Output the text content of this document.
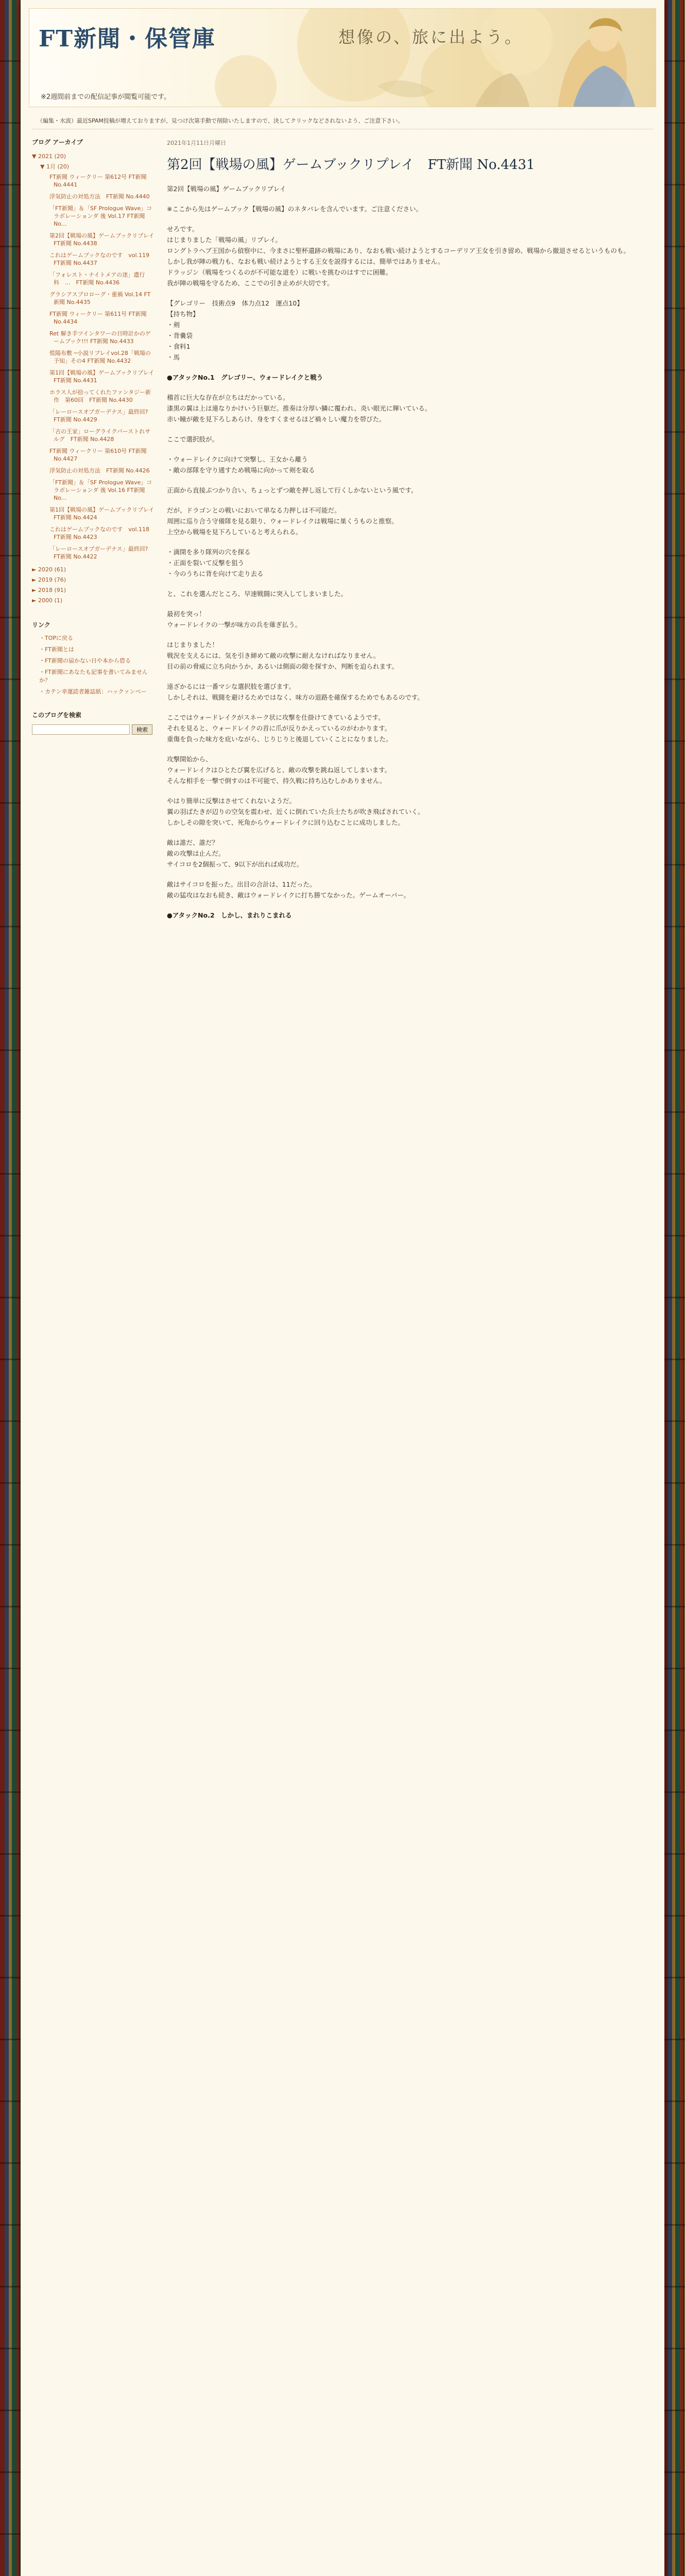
FT新聞・保管庫	想像の、旅に出よう。
※2週間前までの配信記事が閲覧可能です。
（編集・水波）最近SPAM投稿が増えておりますが、見つけ次第手動で削除いたしますので、決してクリックなどされないよう、ご注意下さい。
ブログ アーカイブ
▼ 2021 (20)
▼ 1月 (20)
FT新聞 ウィークリー 第612号 FT新聞 No.4441
浮気防止の対処方法　FT新聞 No.4440
「FT新聞」＆「SF Prologue Wave」コラボレーションダ 後 Vol.17 FT新聞 No...
第2回【戦場の風】ゲームブックリプレイ　FT新聞 No.4438
これはゲームブックなのです　vol.119　FT新聞 No.4437
「フォレスト・ナイトメアの迷」遺行科　...　FT新聞 No.4436
グラシアスプロローグ・重禍 Vol.14 FT新聞 No.4435
FT新聞 ウィークリー 第611号 FT新聞 No.4434
Ret 解き手ツインタワーの日時計かのゲームブック!!! FT新聞 No.4433
慌陽布敷 ─小説リプレイvol.28「戦場の予知」その4 FT新聞 No.4432
第1回【戦場の風】ゲームブックリプレイ　FT新聞 No.4431
ホラス人が拾ってくれたファンタジー新作　第60回　FT新聞 No.4430
「レーロースオブガーデナス」最終回?　FT新聞 No.4429
「古の王家」ローグライクバーストれサルグ　FT新聞 No.4428
FT新聞 ウィークリー 第610号 FT新聞 No.4427
浮気防止の対処方法　FT新聞 No.4426
「FT新聞」＆「SF Prologue Wave」コラボレーションダ 後 Vol.16 FT新聞 No...
第1回【戦場の風】ゲームブックリプレイ　FT新聞 No.4424
これはゲームブックなのです　vol.118　FT新聞 No.4423
「レーロースオブガーデナス」最終回?　FT新聞 No.4422
► 2020 (61)
► 2019 (76)
► 2018 (91)
► 2000 (1)
リンク
・TOPに戻る
・FT新聞とは
・FT新聞の届かない日や本から借る
・FT新聞にあなたも記事を書いてみませんか？
・カテン幸運読者雑誌紙：ハックァンペー
このブログを検索
検索
2021年1月11日月曜日
第2回【戦場の風】ゲームブックリプレイ　FT新聞 No.4431

第2回【戦場の風】ゲームブックリプレイ

※ここから先はゲームブック【戦場の風】のネタバレを含んでいます。ご注意ください。

せろです。
はじまりました「戦場の風」リプレイ。
ロングトラヘブ王国から偵察中に、今まさに聖杯遺跡の戦場にあり、なおも戦い続けようとするコーデリア王女を引き留め、戦場から撤退させるというものも。
しかし我が陣の戦力も、なおも戦い続けようとする王女を説得するには、簡単ではありません。
ドラッジン（戦場をつくるのが不可能な道を）に戦いを挑むのはすでに困難。
我が陣の戦場を守るため、ここでの引き止めが大切です。

【グレゴリー　技術点9　体力点12　運点10】
【持ち物】
・剣
・背嚢袋
・食料1
・馬

●アタックNo.1　グレゴリー、ウォードレイクと戦う

稽首に巨大な存在が立ちはだかっている。
漆黒の翼は上は連なりかけいう巨躯だ。推奏は分厚い鱗に覆われ、炎い眼光に輝いている。
赤い瞳が敵を見下ろしあらけ、身をすくませるほど禍々しい魔力を帯びた。

ここで選択肢が。

・ウォードレイクに向けて突撃し、王女から離う
・敵の部隊を守り通すため戦場に向かって剣を取る

正面から直接ぶつかり合い、ちょっとずつ敵を押し返して行くしかないという風です。

だが、ドラゴンとの戦いにおいて単なる力押しは不可能だ。
周囲に巡り合う守備隊を見る限り、ウォードレイクは戦場に巣くうものと推察。
上空から戦場を見下ろしていると考えられる。

・満開を多り隊列の穴を探る
・正面を裂いて反撃を狙う
・今のうちに背を向けて走り去る

と、これを選んだところ、早速戦闘に突入してしまいました。

最初を突っ！
ウォードレイクの一撃が味方の兵を薙ぎ払う。

はじまりました！
戦況を支えるには、気を引き締めて敵の攻撃に耐えなければなりません。
目の前の脅威に立ち向かうか、あるいは側面の隙を探すか、判断を迫られます。

遠ざかるには一番マシな選択肢を選びます。
しかしそれは、戦闘を避けるためではなく、味方の退路を確保するためでもあるのです。

ここではウォードレイクがスネーク状に攻撃を仕掛けてきているようです。
それを見ると、ウォードレイクの首に爪が反りかえっているのがわかります。
重傷を負った味方を庇いながら、じりじりと後退していくことになりました。

攻撃開始から、
ウォードレイクはひとたび翼を広げると、敵の攻撃を跳ね返してしまいます。
そんな相手を一撃で倒すのは不可能で、持久戦に持ち込むしかありません。

やはり簡単に反撃はさせてくれないようだ。
翼の羽ばたきが辺りの空気を震わせ、近くに倒れていた兵士たちが吹き飛ばされていく。
しかしその隙を突いて、死角からウォードレイクに回り込むことに成功しました。

敵は誰だ、誰だ？
敵の攻撃は止んだ。
サイコロを2個振って、9以下が出れば成功だ。

敵はサイコロを振った。出目の合計は、11だった。
敵の猛攻はなおも続き、敵はウォードレイクに打ち勝てなかった。ゲームオーバー。

●アタックNo.2　しかし、まれりこまれる
